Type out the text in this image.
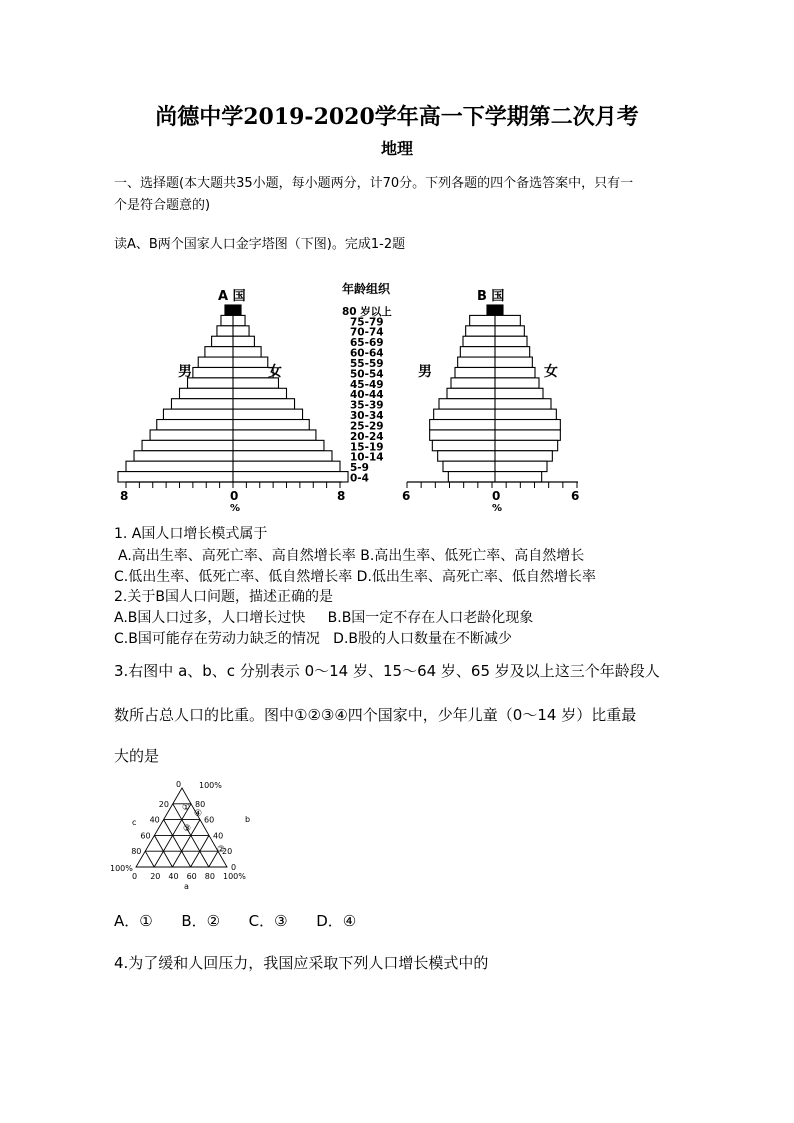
尚德中学2019-2020学年高一下学期第二次月考
地理
一、选择题(本大题共35小题，每小题两分，计70分。下列各题的四个备选答案中，只有一
个是符合题意的)
读A、B两个国家人口金字塔图（下图)。完成1-2题
A 国	B 国
男	女	男	女
年龄组织
80 岁以上
75-79
70-74
65-69
60-64
55-59
50-54
45-49
40-44
35-39
30-34
25-29
20-24
15-19
10-14
5-9
0-4
8	0	8
%
6	0	6
%
1. A国人口增长模式属于
A.高出生率、高死亡率、高自然增长率 B.高出生率、低死亡率、高自然增长
C.低出生率、低死亡率、低自然增长率 D.低出生率、高死亡率、低自然增长率
2.关于B国人口问题，描述正确的是
A.B国人口过多，人口增长过快     B.B国一定不存在人口老龄化现象
C.B国可能存在劳动力缺乏的情况   D.B股的人口数量在不断减少
3.右图中 a、b、c 分别表示 0～14 岁、15～64 岁、65 岁及以上这三个年龄段人
数所占总人口的比重。图中①②③④四个国家中，少年儿童（0～14 岁）比重最
大的是
0 100%
20
40
60
80
80
60
40
20
0
0 20 40 60 80 100%
100%
c	b
a
①
④
③
②
A．①      B．②      C．③      D．④
4.为了缓和人回压力，我国应采取下列人口增长模式中的
